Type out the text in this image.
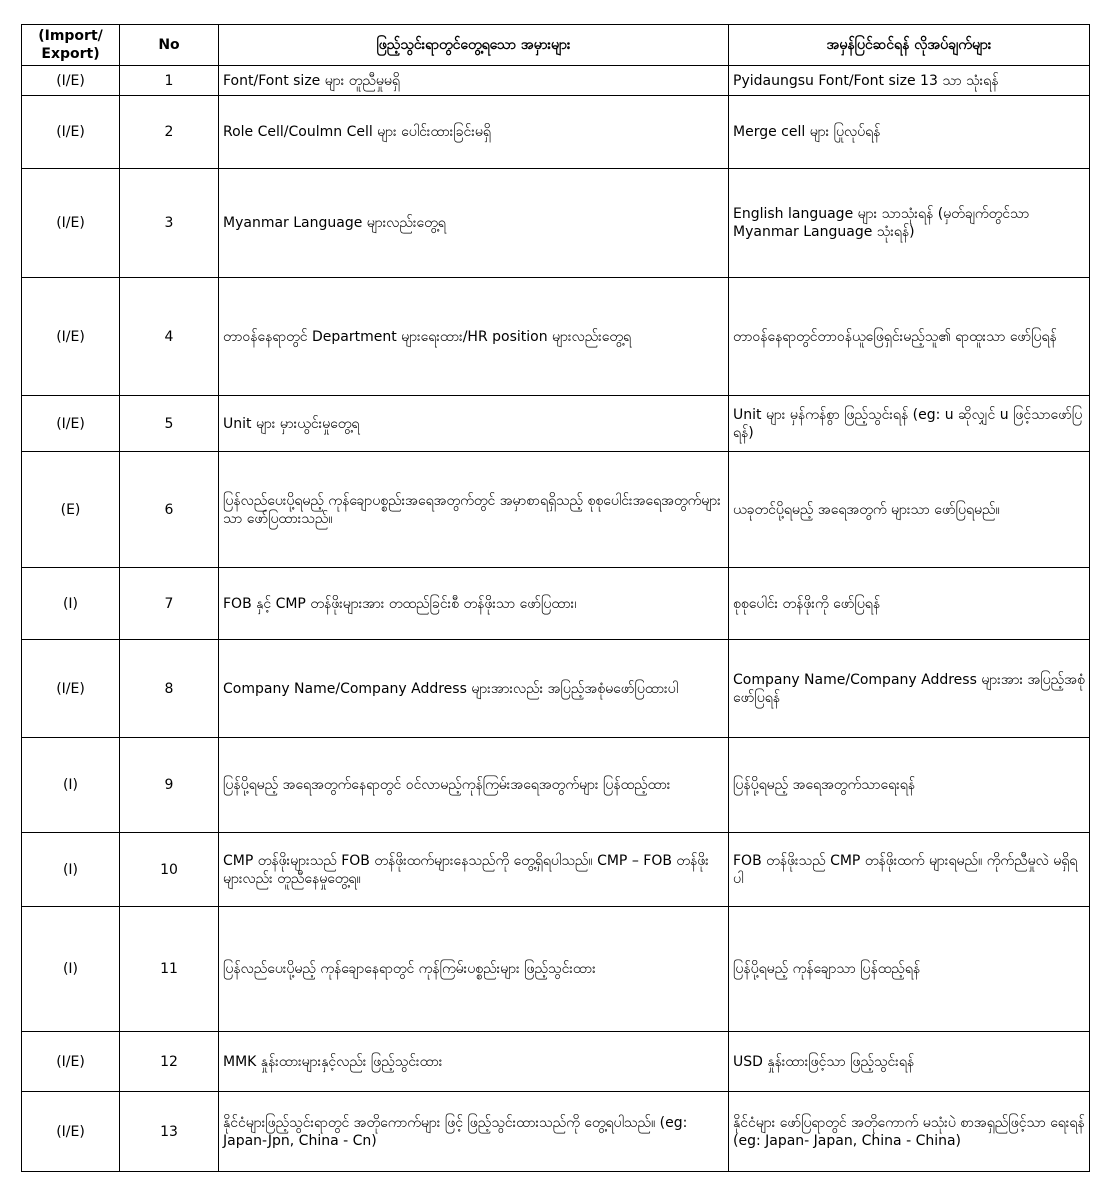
(Import/ Export)	No	ဖြည့်သွင်းရာတွင်တွေ့ရသော အမှားများ	အမှန်ပြင်ဆင်ရန် လိုအပ်ချက်များ
(I/E)	1	Font/Font size များ တူညီမှုမရှိ	Pyidaungsu Font/Font size 13 သာ သုံးရန်
(I/E)	2	Role Cell/Coulmn Cell များ ပေါင်းထားခြင်းမရှိ	Merge cell များ ပြုလုပ်ရန်
(I/E)	3	Myanmar Language များလည်းတွေ့ရ	English language များ သာသုံးရန် (မှတ်ချက်တွင်သာ Myanmar Language သုံးရန်)
(I/E)	4	တာဝန်နေရာတွင် Department များရေးထား/HR position များလည်းတွေ့ရ	တာဝန်နေရာတွင်တာဝန်ယူဖြေရှင်းမည့်သူ၏ ရာထူးသာ ဖော်ပြရန်
(I/E)	5	Unit များ မှားယွင်းမှုတွေ့ရ	Unit များ မှန်ကန်စွာ ဖြည့်သွင်းရန် (eg: u ဆိုလျှင် u ဖြင့်သာဖော်ပြရန်)
(E)	6	ပြန်လည်ပေးပို့ရမည့် ကုန်ချောပစ္စည်းအရေအတွက်တွင် အမှာစာရရှိသည့် စုစုပေါင်းအရေအတွက်များသာ ဖော်ပြထားသည်။	ယခုတင်ပို့ရမည့် အရေအတွက် များသာ ဖော်ပြရမည်။
(I)	7	FOB နှင့် CMP တန်ဖိုးများအား တထည်ခြင်းစီ တန်ဖိုးသာ ဖော်ပြထား၊	စုစုပေါင်း တန်ဖိုးကို ဖော်ပြရန်
(I/E)	8	Company Name/Company Address များအားလည်း အပြည့်အစုံမဖော်ပြထားပါ	Company Name/Company Address များအား အပြည့်အစုံ ဖော်ပြရန်
(I)	9	ပြန်ပို့ရမည့် အရေအတွက်နေရာတွင် ဝင်လာမည့်ကုန်ကြမ်းအရေအတွက်များ ပြန်ထည့်ထား	ပြန်ပို့ရမည့် အရေအတွက်သာရေးရန်
(I)	10	CMP တန်ဖိုးများသည် FOB တန်ဖိုးထက်များနေသည်ကို တွေ့ရှိရပါသည်။ CMP – FOB တန်ဖိုးများလည်း တူညီနေမှုတွေ့ရ။	FOB တန်ဖိုးသည် CMP တန်ဖိုးထက် များရမည်။ ကိုက်ညီမှုလဲ မရှိရပါ
(I)	11	ပြန်လည်ပေးပို့မည့် ကုန်ချောနေရာတွင် ကုန်ကြမ်းပစ္စည်းများ ဖြည့်သွင်းထား	ပြန်ပို့ရမည့် ကုန်ချောသာ ပြန်ထည့်ရန်
(I/E)	12	MMK နှုန်းထားများနှင့်လည်း ဖြည့်သွင်းထား	USD နှုန်းထားဖြင့်သာ ဖြည့်သွင်းရန်
(I/E)	13	နိုင်ငံများဖြည့်သွင်းရာတွင် အတိုကောက်များ ဖြင့် ဖြည့်သွင်းထားသည်ကို တွေ့ရပါသည်။ (eg: Japan-Jpn, China - Cn)	နိုင်ငံများ ဖော်ပြရာတွင် အတိုကောက် မသုံးပဲ စာအရှည်ဖြင့်သာ ရေးရန် (eg: Japan- Japan, China - China)
